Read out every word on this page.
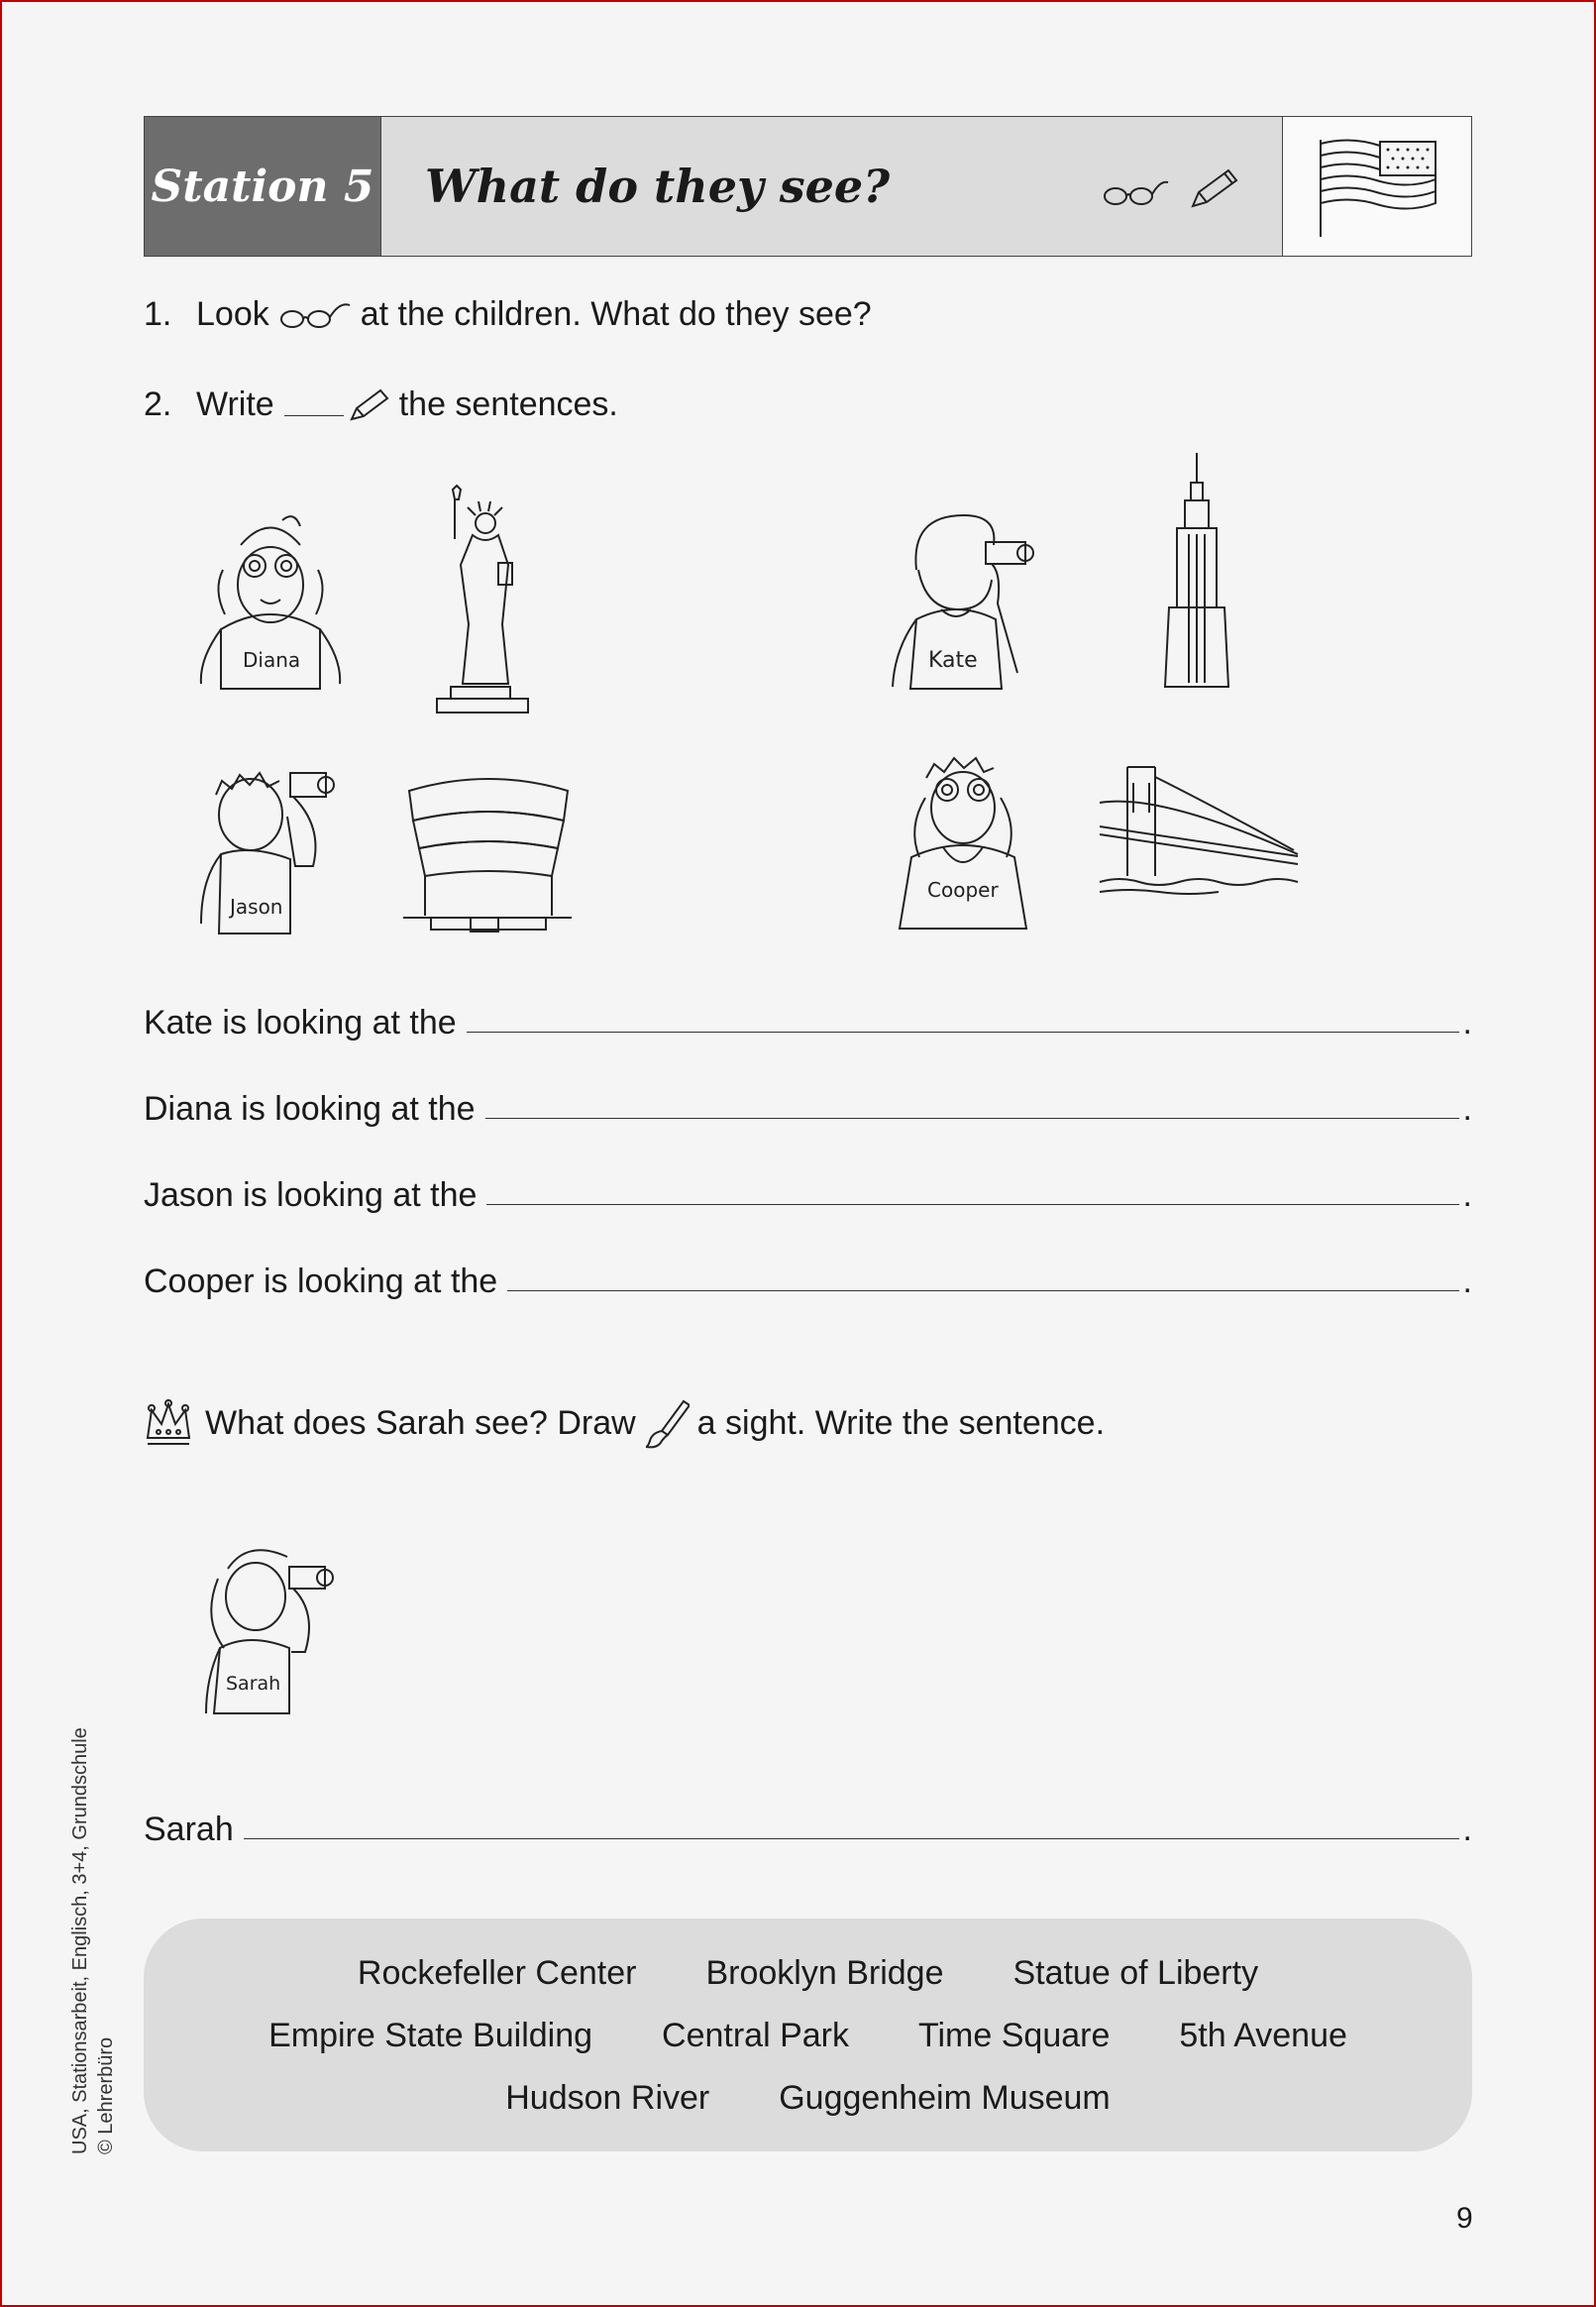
Station 5 What do they see?

1. Look	at the children. What do they see?
2. Write	the sentences.
Diana	Kate
Jason
Cooper
Kate is looking at the	.
Diana is looking at the	.
Jason is looking at the	.
Cooper is looking at the	.
What does Sarah see? Draw a sight. Write the sentence.
Sarah
Sarah	.
Rockefeller Center Brooklyn Bridge Statue of Liberty
Empire State Building Central Park Time Square 5th Avenue
Hudson River Guggenheim Museum
USA, Stationsarbeit, Englisch, 3+4, Grundschule © Lehrerbüro
9
